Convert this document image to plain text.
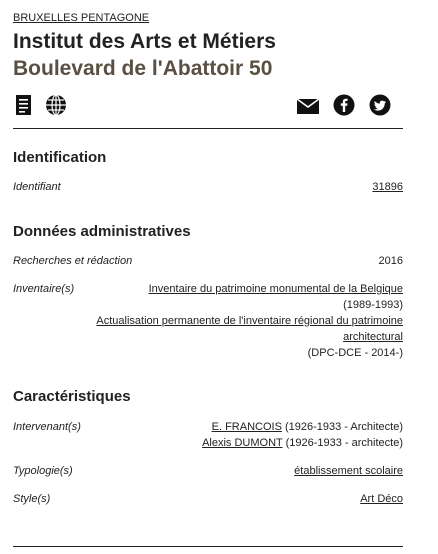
BRUXELLES PENTAGONE
Institut des Arts et Métiers
Boulevard de l'Abattoir 50
Identification
Identifiant	31896
Données administratives
Recherches et rédaction	2016
Inventaire(s)	Inventaire du patrimoine monumental de la Belgique
(1989-1993)
Actualisation permanente de l'inventaire régional du patrimoine
architectural
(DPC-DCE - 2014-)
Caractéristiques
Intervenant(s)	E. FRANCOIS (1926-1933 - Architecte)
Alexis DUMONT (1926-1933 - architecte)
Typologie(s)	établissement scolaire
Style(s)	Art Déco
